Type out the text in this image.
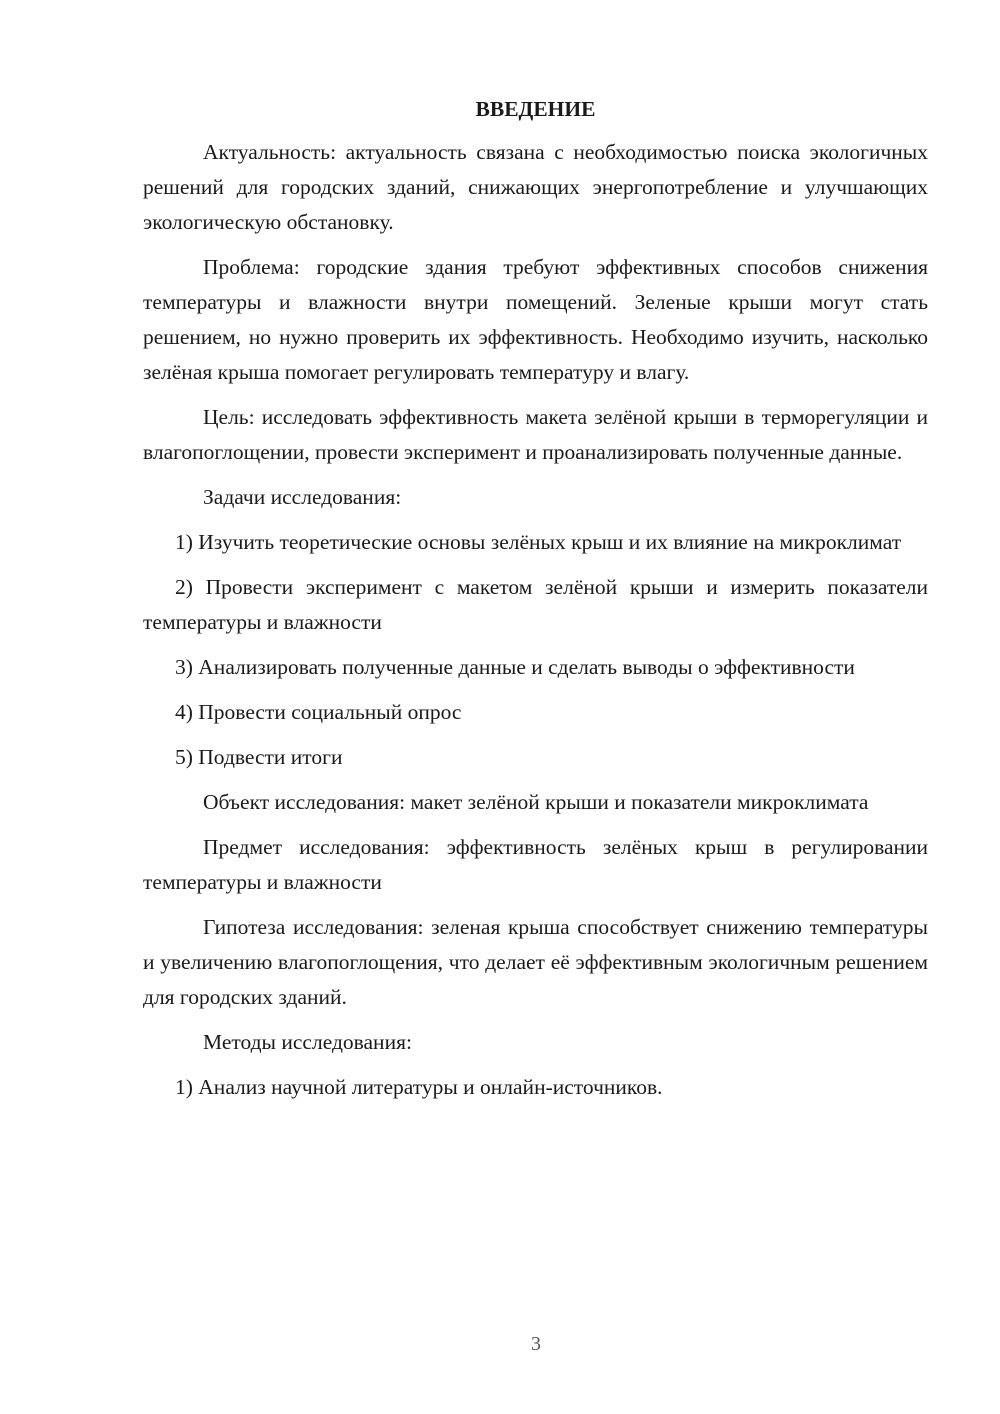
ВВЕДЕНИЕ

Актуальность: актуальность связана с необходимостью поиска экологичных решений для городских зданий, снижающих энергопотребление и улучшающих экологическую обстановку.

Проблема: городские здания требуют эффективных способов снижения температуры и влажности внутри помещений. Зеленые крыши могут стать решением, но нужно проверить их эффективность. Необходимо изучить, насколько зелёная крыша помогает регулировать температуру и влагу.

Цель: исследовать эффективность макета зелёной крыши в терморегуляции и влагопоглощении, провести эксперимент и проанализировать полученные данные.

Задачи исследования:

1) Изучить теоретические основы зелёных крыш и их влияние на микроклимат

2) Провести эксперимент с макетом зелёной крыши и измерить показатели температуры и влажности

3) Анализировать полученные данные и сделать выводы о эффективности

4) Провести социальный опрос

5) Подвести итоги

Объект исследования: макет зелёной крыши и показатели микроклимата

Предмет исследования: эффективность зелёных крыш в регулировании температуры и влажности

Гипотеза исследования: зеленая крыша способствует снижению температуры и увеличению влагопоглощения, что делает её эффективным экологичным решением для городских зданий.

Методы исследования:

1) Анализ научной литературы и онлайн-источников.

3
